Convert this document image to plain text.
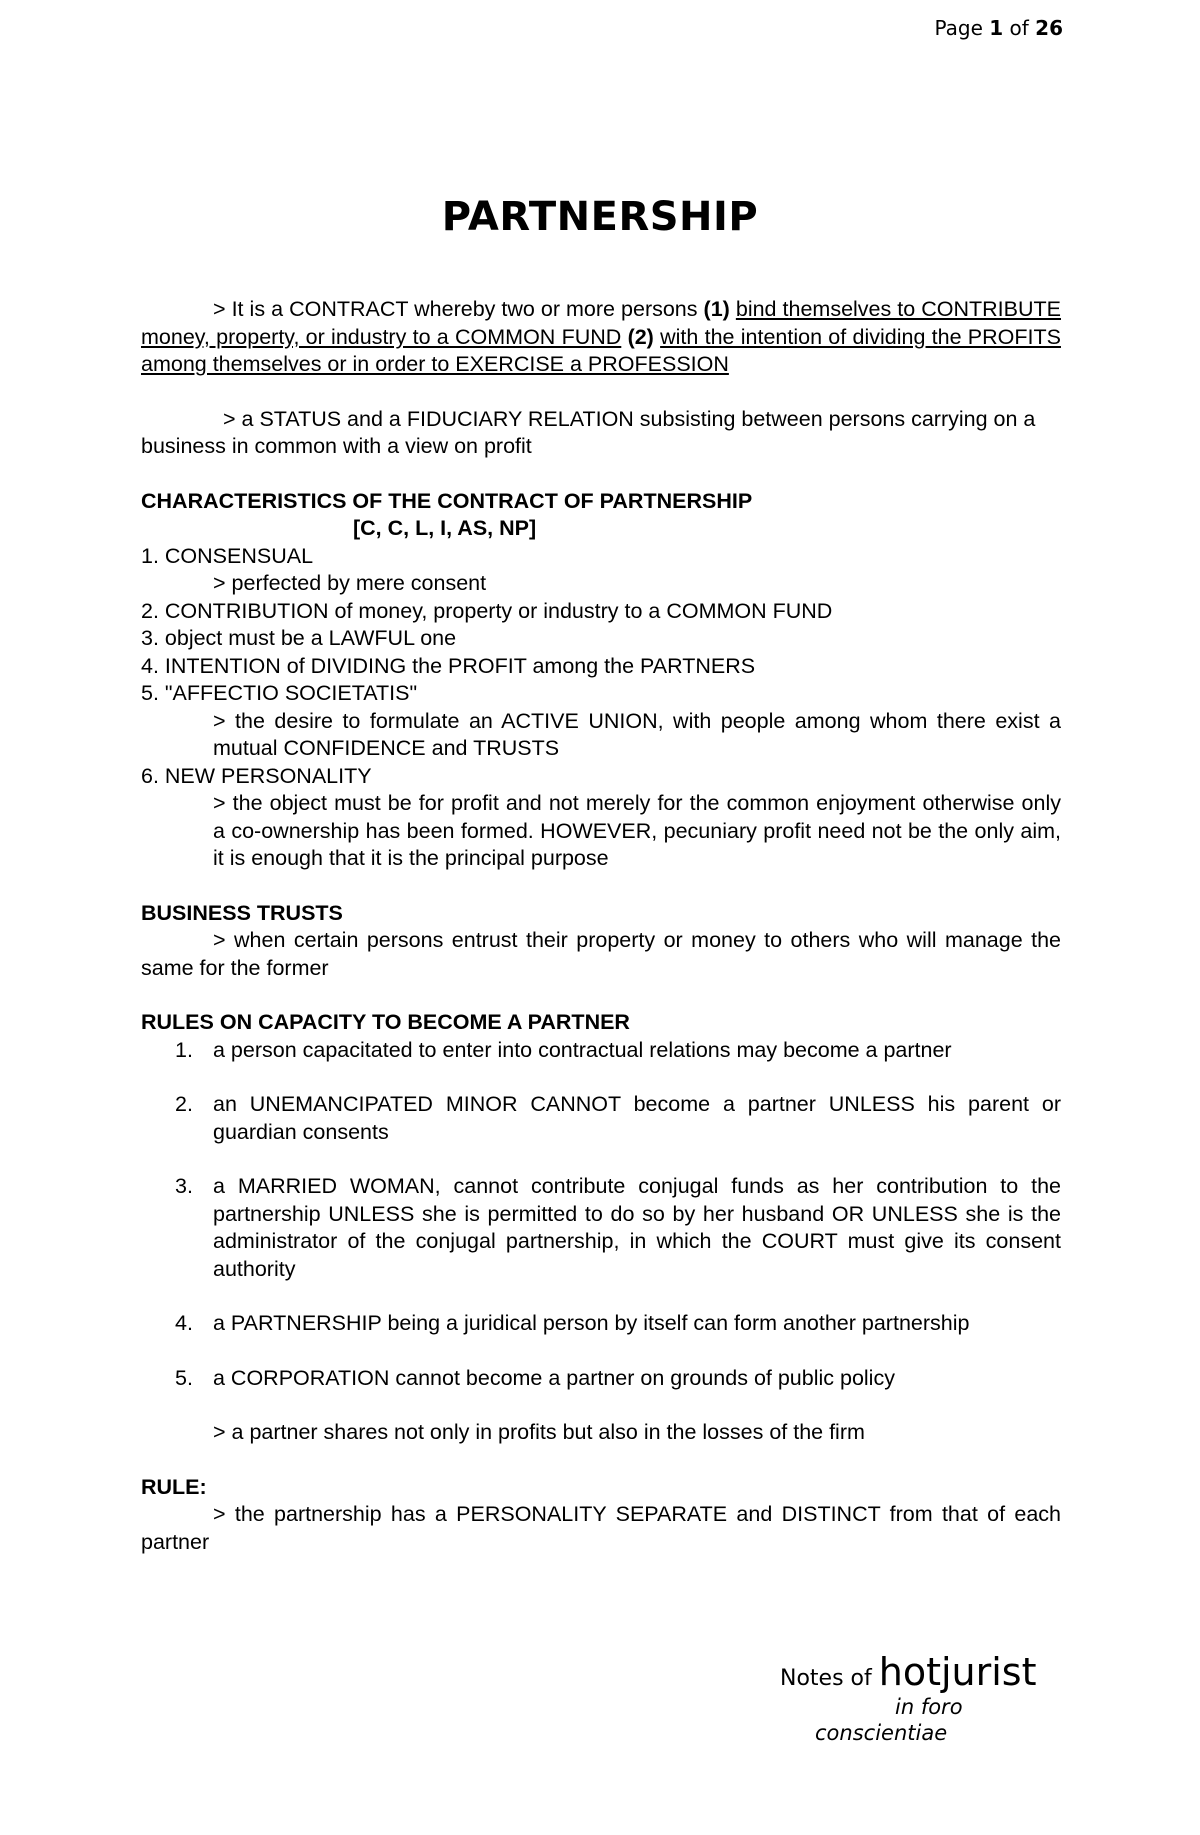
Page 1 of 26
PARTNERSHIP
> It is a CONTRACT whereby two or more persons (1) bind themselves to CONTRIBUTE money, property, or industry to a COMMON FUND (2) with the intention of dividing the PROFITS among themselves or in order to EXERCISE a PROFESSION
> a STATUS and a FIDUCIARY RELATION subsisting between persons carrying on a business in common with a view on profit
CHARACTERISTICS OF THE CONTRACT OF PARTNERSHIP
[C, C, L, I, AS, NP]
1. CONSENSUAL
> perfected by mere consent
2. CONTRIBUTION of money, property or industry to a COMMON FUND
3. object must be a LAWFUL one
4. INTENTION of DIVIDING the PROFIT among the PARTNERS
5. "AFFECTIO SOCIETATIS"
> the desire to formulate an ACTIVE UNION, with people among whom there exist a mutual CONFIDENCE and TRUSTS
6. NEW PERSONALITY
> the object must be for profit and not merely for the common enjoyment otherwise only a co-ownership has been formed. HOWEVER, pecuniary profit need not be the only aim, it is enough that it is the principal purpose
BUSINESS TRUSTS
> when certain persons entrust their property or money to others who will manage the same for the former
RULES ON CAPACITY TO BECOME A PARTNER
1. a person capacitated to enter into contractual relations may become a partner
2. an UNEMANCIPATED MINOR CANNOT become a partner UNLESS his parent or guardian consents
3. a MARRIED WOMAN, cannot contribute conjugal funds as her contribution to the partnership UNLESS she is permitted to do so by her husband OR UNLESS she is the administrator of the conjugal partnership, in which the COURT must give its consent authority
4. a PARTNERSHIP being a juridical person by itself can form another partnership
5. a CORPORATION cannot become a partner on grounds of public policy
> a partner shares not only in profits but also in the losses of the firm
RULE:
> the partnership has a PERSONALITY SEPARATE and DISTINCT from that of each partner
Notes of hotjurist
in foro
conscientiae
